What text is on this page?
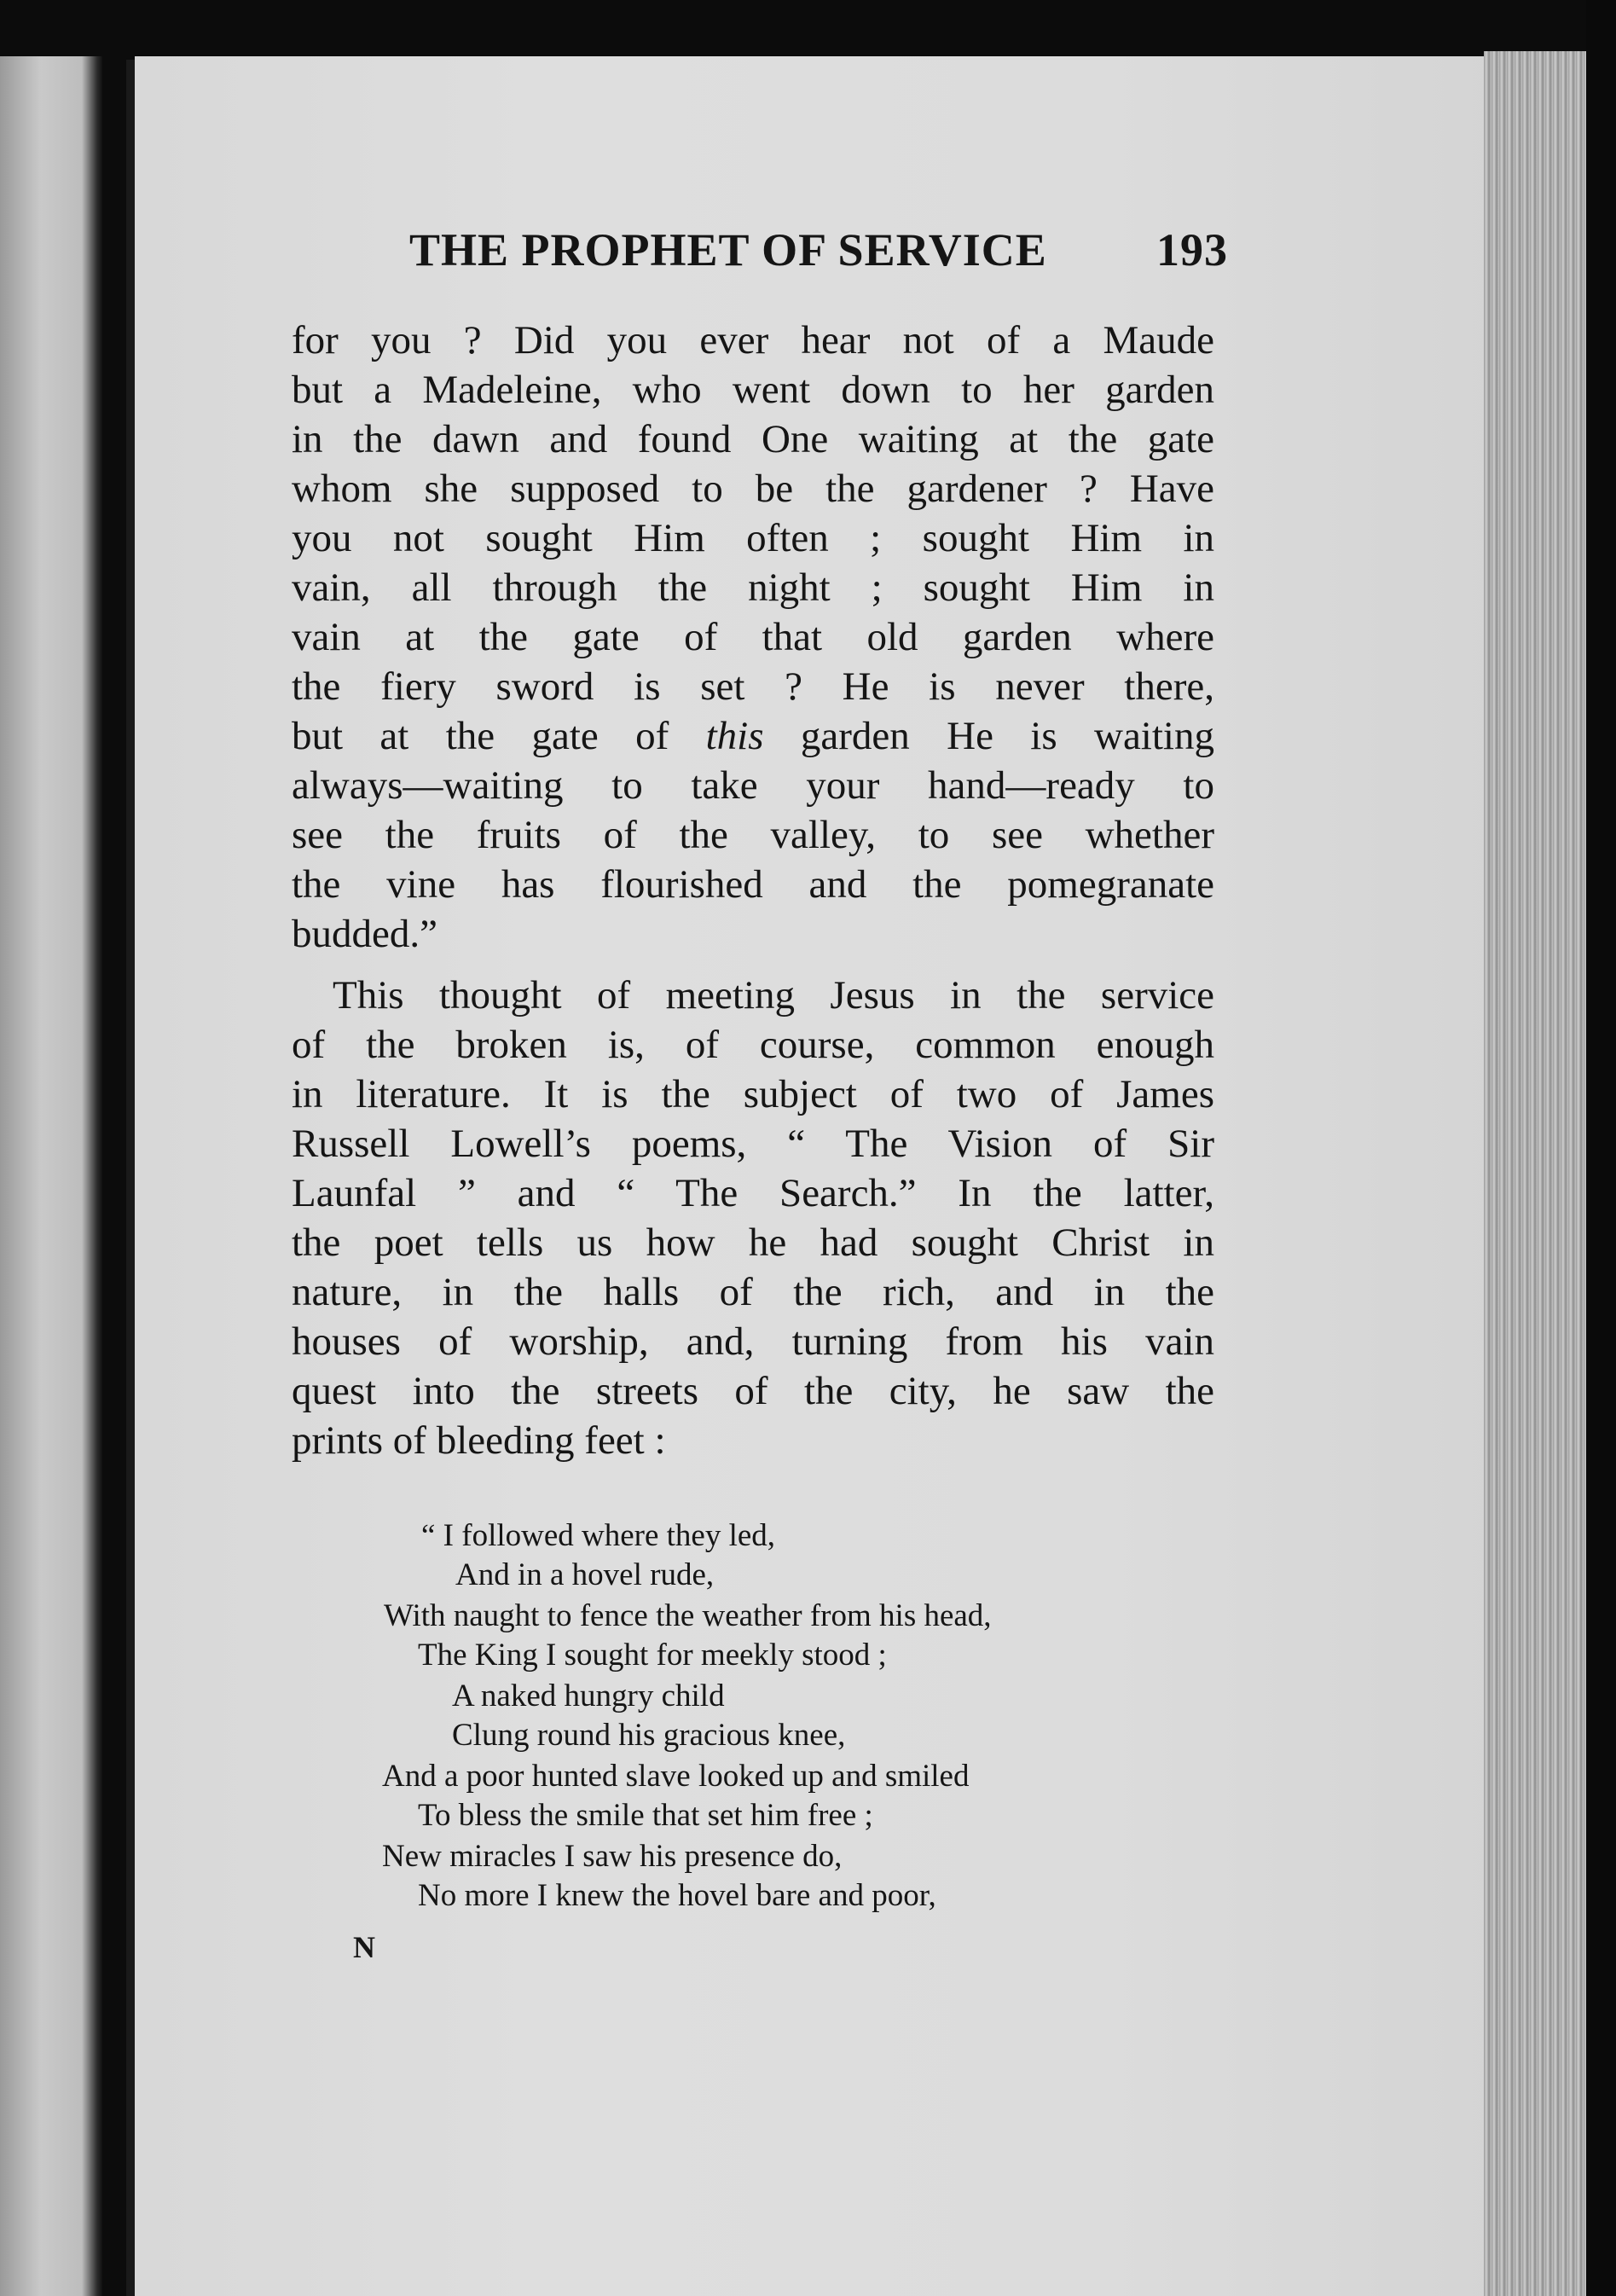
THE PROPHET OF SERVICE 193
for you ? Did you ever hear not of a Maude
but a Madeleine, who went down to her garden
in the dawn and found One waiting at the gate
whom she supposed to be the gardener ? Have
you not sought Him often ; sought Him in
vain, all through the night ; sought Him in
vain at the gate of that old garden where
the fiery sword is set ? He is never there,
but at the gate of this garden He is waiting
always—waiting to take your hand—ready to
see the fruits of the valley, to see whether
the vine has flourished and the pomegranate
budded.”
This thought of meeting Jesus in the service
of the broken is, of course, common enough
in literature. It is the subject of two of James
Russell Lowell’s poems, “ The Vision of Sir
Launfal ” and “ The Search.” In the latter,
the poet tells us how he had sought Christ in
nature, in the halls of the rich, and in the
houses of worship, and, turning from his vain
quest into the streets of the city, he saw the
prints of bleeding feet :
“ I followed where they led,
And in a hovel rude,
With naught to fence the weather from his head,
The King I sought for meekly stood ;
A naked hungry child
Clung round his gracious knee,
And a poor hunted slave looked up and smiled
To bless the smile that set him free ;
New miracles I saw his presence do,
No more I knew the hovel bare and poor,
N
